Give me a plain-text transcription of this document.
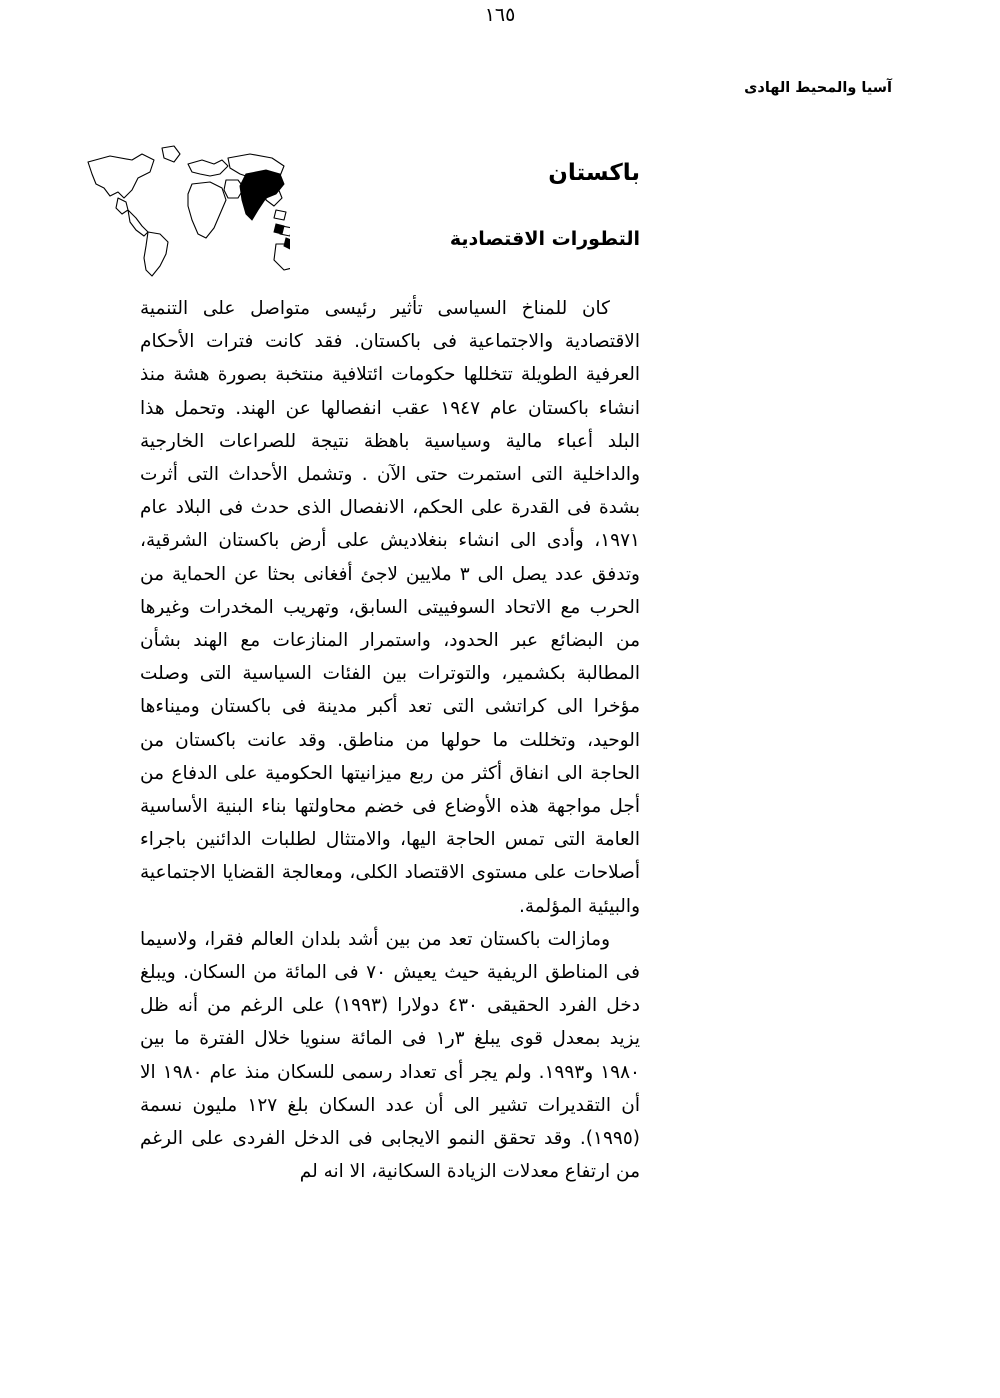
١٦٥
آسيا والمحيط الهادى
باكستان
التطورات الاقتصادية

كان للمناخ السياسى تأثير رئيسى متواصل على التنمية الاقتصادية والاجتماعية فى باكستان. فقد كانت فترات الأحكام العرفية الطويلة تتخللها حكومات ائتلافية منتخبة بصورة هشة منذ انشاء باكستان عام ١٩٤٧ عقب انفصالها عن الهند. وتحمل هذا البلد أعباء مالية وسياسية باهظة نتيجة للصراعات الخارجية والداخلية التى استمرت حتى الآن . وتشمل الأحداث التى أثرت بشدة فى القدرة على الحكم، الانفصال الذى حدث فى البلاد عام ١٩٧١، وأدى الى انشاء بنغلاديش على أرض باكستان الشرقية، وتدفق عدد يصل الى ٣ ملايين لاجئ أفغانى بحثا عن الحماية من الحرب مع الاتحاد السوفييتى السابق، وتهريب المخدرات وغيرها من البضائع عبر الحدود، واستمرار المنازعات مع الهند بشأن المطالبة بكشمير، والتوترات بين الفئات السياسية التى وصلت مؤخرا الى كراتشى التى تعد أكبر مدينة فى باكستان وميناءها الوحيد، وتخللت ما حولها من مناطق. وقد عانت باكستان من الحاجة الى انفاق أكثر من ربع ميزانيتها الحكومية على الدفاع من أجل مواجهة هذه الأوضاع فى خضم محاولتها بناء البنية الأساسية العامة التى تمس الحاجة اليها، والامتثال لطلبات الدائنين باجراء أصلاحات على مستوى الاقتصاد الكلى، ومعالجة القضايا الاجتماعية والبيئية المؤلمة.

ومازالت باكستان تعد من بين أشد بلدان العالم فقرا، ولاسيما فى المناطق الريفية حيث يعيش ٧٠ فى المائة من السكان. ويبلغ دخل الفرد الحقيقى ٤٣٠ دولارا (١٩٩٣) على الرغم من أنه ظل يزيد بمعدل قوى يبلغ ٣ر١ فى المائة سنويا خلال الفترة ما بين ١٩٨٠ و١٩٩٣. ولم يجر أى تعداد رسمى للسكان منذ عام ١٩٨٠ الا أن التقديرات تشير الى أن عدد السكان بلغ ١٢٧ مليون نسمة (١٩٩٥). وقد تحقق النمو الايجابى فى الدخل الفردى على الرغم من ارتفاع معدلات الزيادة السكانية، الا انه لم
